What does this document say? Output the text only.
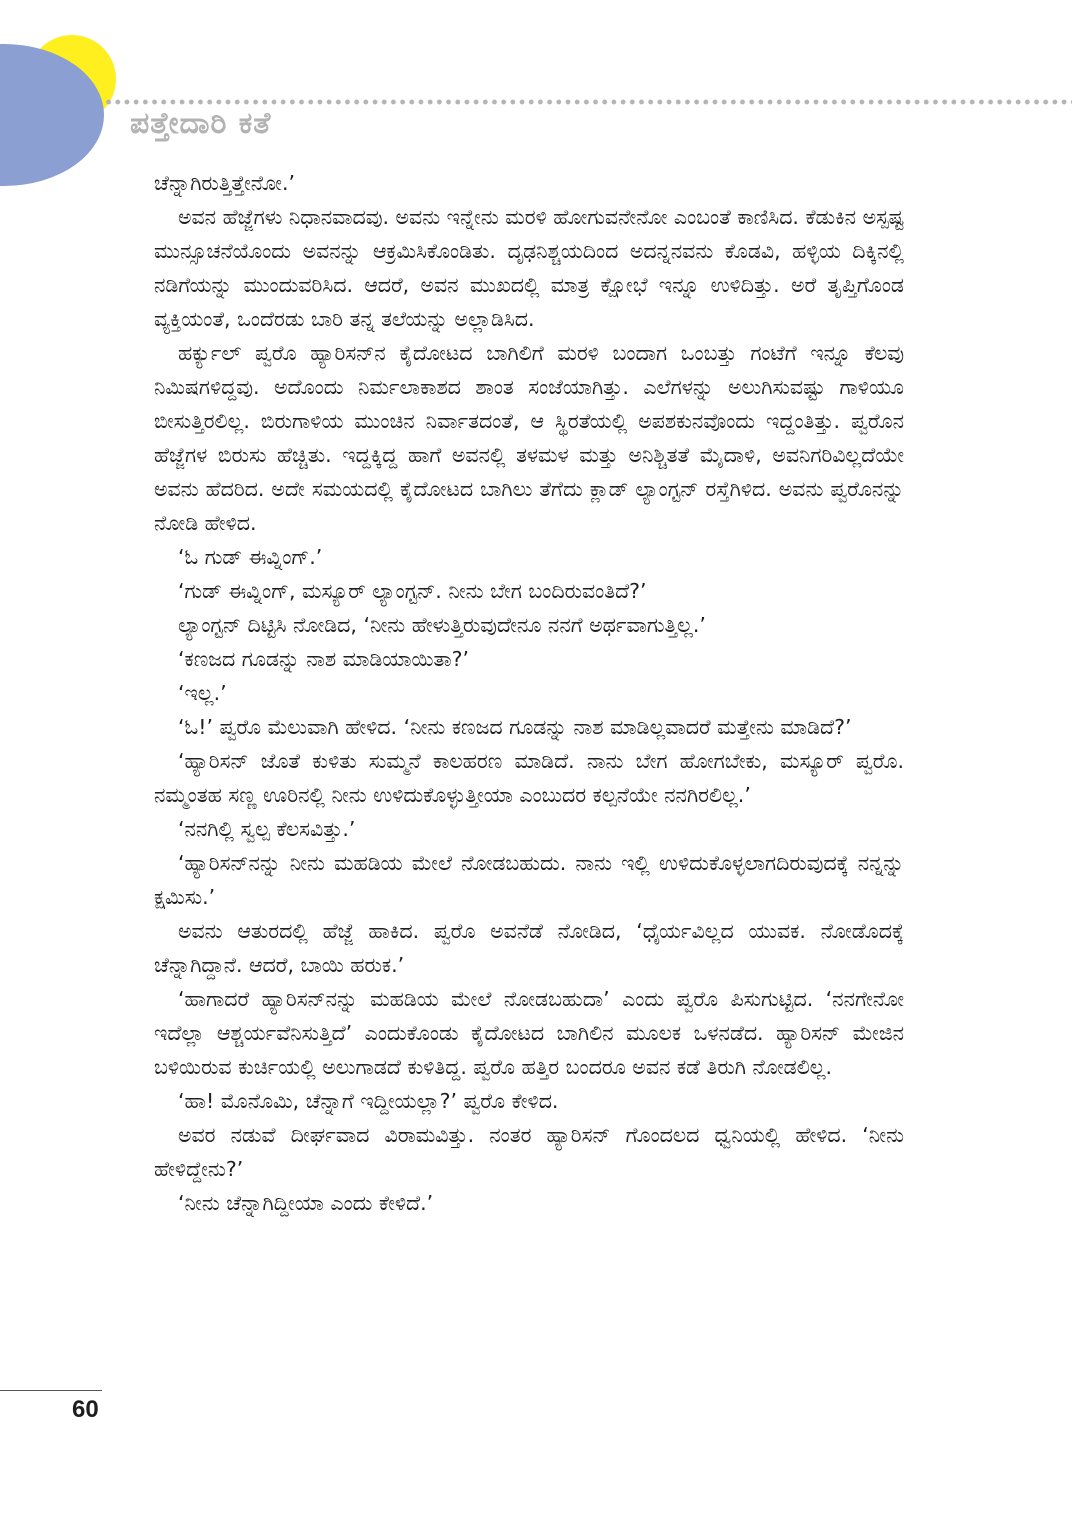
ಪತ್ತೇದಾರಿ ಕತೆ

ಚೆನ್ನಾಗಿರುತ್ತಿತ್ತೇನೋ.’

ಅವನ ಹೆಜ್ಜೆಗಳು ನಿಧಾನವಾದವು. ಅವನು ಇನ್ನೇನು ಮರಳಿ ಹೋಗುವನೇನೋ ಎಂಬಂತೆ ಕಾಣಿಸಿದ. ಕೆಡುಕಿನ ಅಸ್ಪಷ್ಟ ಮುನ್ಸೂಚನೆಯೊಂದು ಅವನನ್ನು ಆಕ್ರಮಿಸಿಕೊಂಡಿತು. ದೃಢನಿಶ್ಚಯದಿಂದ ಅದನ್ನನವನು ಕೊಡವಿ, ಹಳ್ಳಿಯ ದಿಕ್ಕಿನಲ್ಲಿ ನಡಿಗೆಯನ್ನು ಮುಂದುವರಿಸಿದ. ಆದರೆ, ಅವನ ಮುಖದಲ್ಲಿ ಮಾತ್ರ ಕ್ಷೋಭೆ ಇನ್ನೂ ಉಳಿದಿತ್ತು. ಅರೆ ತೃಪ್ತಿಗೊಂಡ ವ್ಯಕ್ತಿಯಂತೆ, ಒಂದೆರಡು ಬಾರಿ ತನ್ನ ತಲೆಯನ್ನು ಅಲ್ಲಾಡಿಸಿದ.

ಹರ್ಕ್ಯುಲ್ ಪ್ವರೊ ಹ್ಯಾರಿಸನ್‌ನ ಕೈದೋಟದ ಬಾಗಿಲಿಗೆ ಮರಳಿ ಬಂದಾಗ ಒಂಬತ್ತು ಗಂಟೆಗೆ ಇನ್ನೂ ಕೆಲವು ನಿಮಿಷಗಳಿದ್ದವು. ಅದೊಂದು ನಿರ್ಮಲಾಕಾಶದ ಶಾಂತ ಸಂಜೆಯಾಗಿತ್ತು. ಎಲೆಗಳನ್ನು ಅಲುಗಿಸುವಷ್ಟು ಗಾಳಿಯೂ ಬೀಸುತ್ತಿರಲಿಲ್ಲ. ಬಿರುಗಾಳಿಯ ಮುಂಚಿನ ನಿರ್ವಾತದಂತೆ, ಆ ಸ್ಥಿರತೆಯಲ್ಲಿ ಅಪಶಕುನವೊಂದು ಇದ್ದಂತಿತ್ತು. ಪ್ವರೊನ ಹೆಜ್ಜೆಗಳ ಬಿರುಸು ಹೆಚ್ಚಿತು. ಇದ್ದಕ್ಕಿದ್ದ ಹಾಗೆ ಅವನಲ್ಲಿ ತಳಮಳ ಮತ್ತು ಅನಿಶ್ಚಿತತೆ ಮೈದಾಳಿ, ಅವನಿಗರಿವಿಲ್ಲದೆಯೇ ಅವನು ಹೆದರಿದ. ಅದೇ ಸಮಯದಲ್ಲಿ ಕೈದೋಟದ ಬಾಗಿಲು ತೆಗೆದು ಕ್ಲಾಡ್ ಲ್ಯಾಂಗ್ಟನ್ ರಸ್ತೆಗಿಳಿದ. ಅವನು ಪ್ವರೊನನ್ನು ನೋಡಿ ಹೇಳಿದ.

‘ಓ ಗುಡ್ ಈವ್ನಿಂಗ್.’

‘ಗುಡ್ ಈವ್ನಿಂಗ್, ಮಸ್ಯೂರ್ ಲ್ಯಾಂಗ್ಟನ್. ನೀನು ಬೇಗ ಬಂದಿರುವಂತಿದೆ?’

ಲ್ಯಾಂಗ್ಟನ್ ದಿಟ್ಟಿಸಿ ನೋಡಿದ, ‘ನೀನು ಹೇಳುತ್ತಿರುವುದೇನೂ ನನಗೆ ಅರ್ಥವಾಗುತ್ತಿಲ್ಲ.’

‘ಕಣಜದ ಗೂಡನ್ನು ನಾಶ ಮಾಡಿಯಾಯಿತಾ?’

‘ಇಲ್ಲ.’

‘ಓ!’ ಪ್ವರೊ ಮೆಲುವಾಗಿ ಹೇಳಿದ. ‘ನೀನು ಕಣಜದ ಗೂಡನ್ನು ನಾಶ ಮಾಡಿಲ್ಲವಾದರೆ ಮತ್ತೇನು ಮಾಡಿದೆ?’

‘ಹ್ಯಾರಿಸನ್ ಜೊತೆ ಕುಳಿತು ಸುಮ್ಮನೆ ಕಾಲಹರಣ ಮಾಡಿದೆ. ನಾನು ಬೇಗ ಹೋಗಬೇಕು, ಮಸ್ಯೂರ್ ಪ್ವರೊ. ನಮ್ಮಂತಹ ಸಣ್ಣ ಊರಿನಲ್ಲಿ ನೀನು ಉಳಿದುಕೊಳ್ಳುತ್ತೀಯಾ ಎಂಬುದರ ಕಲ್ಪನೆಯೇ ನನಗಿರಲಿಲ್ಲ.’

‘ನನಗಿಲ್ಲಿ ಸ್ವಲ್ಪ ಕೆಲಸವಿತ್ತು.’

‘ಹ್ಯಾರಿಸನ್‌ನನ್ನು ನೀನು ಮಹಡಿಯ ಮೇಲೆ ನೋಡಬಹುದು. ನಾನು ಇಲ್ಲಿ ಉಳಿದುಕೊಳ್ಳಲಾಗದಿರುವುದಕ್ಕೆ ನನ್ನನ್ನು ಕ್ಷಮಿಸು.’

ಅವನು ಆತುರದಲ್ಲಿ ಹೆಜ್ಜೆ ಹಾಕಿದ. ಪ್ವರೊ ಅವನೆಡೆ ನೋಡಿದ, ‘ಧೈರ್ಯವಿಲ್ಲದ ಯುವಕ. ನೋಡೊದಕ್ಕೆ ಚೆನ್ನಾಗಿದ್ದಾನೆ. ಆದರೆ, ಬಾಯಿ ಹರುಕ.’

‘ಹಾಗಾದರೆ ಹ್ಯಾರಿಸನ್‌ನನ್ನು ಮಹಡಿಯ ಮೇಲೆ ನೋಡಬಹುದಾ’ ಎಂದು ಪ್ವರೊ ಪಿಸುಗುಟ್ಟಿದ. ‘ನನಗೇನೋ ಇದೆಲ್ಲಾ ಆಶ್ಚರ್ಯವೆನಿಸುತ್ತಿದೆ’ ಎಂದುಕೊಂಡು ಕೈದೋಟದ ಬಾಗಿಲಿನ ಮೂಲಕ ಒಳನಡೆದ. ಹ್ಯಾರಿಸನ್ ಮೇಜಿನ ಬಳಿಯಿರುವ ಕುರ್ಚಿಯಲ್ಲಿ ಅಲುಗಾಡದೆ ಕುಳಿತಿದ್ದ. ಪ್ವರೊ ಹತ್ತಿರ ಬಂದರೂ ಅವನ ಕಡೆ ತಿರುಗಿ ನೋಡಲಿಲ್ಲ.

‘ಹಾ! ಮೊನೊಮಿ, ಚೆನ್ನಾಗೆ ಇದ್ದೀಯಲ್ಲಾ?’ ಪ್ವರೊ ಕೇಳಿದ.

ಅವರ ನಡುವೆ ದೀರ್ಘವಾದ ವಿರಾಮವಿತ್ತು. ನಂತರ ಹ್ಯಾರಿಸನ್ ಗೊಂದಲದ ಧ್ವನಿಯಲ್ಲಿ ಹೇಳಿದ. ‘ನೀನು ಹೇಳಿದ್ದೇನು?’

‘ನೀನು ಚೆನ್ನಾಗಿದ್ದೀಯಾ ಎಂದು ಕೇಳಿದೆ.’

60
